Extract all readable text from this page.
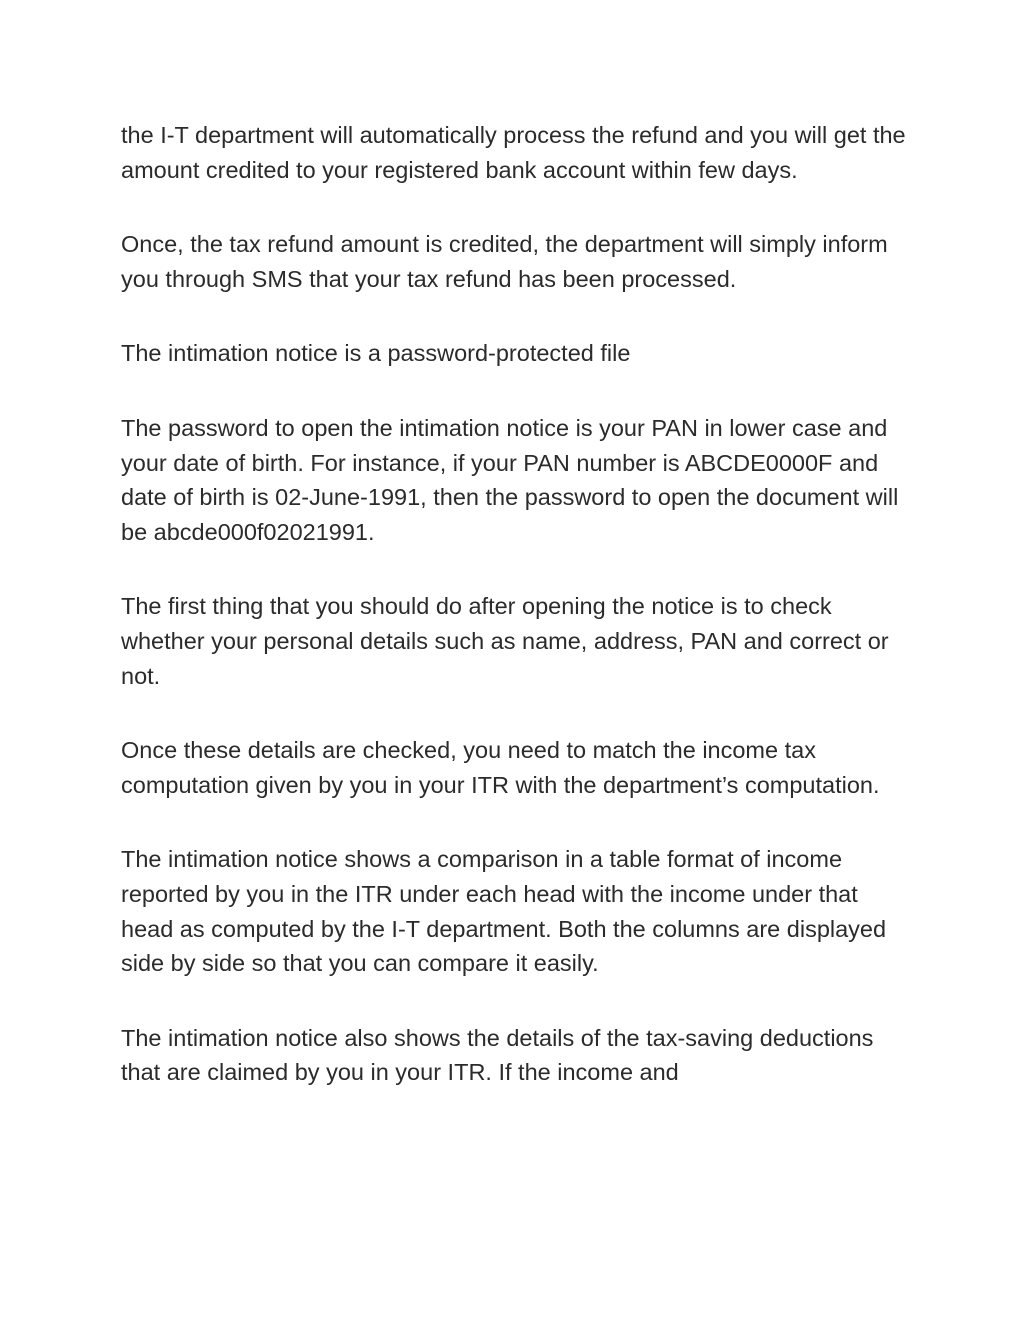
the I-T department will automatically process the refund and you will get the amount credited to your registered bank account within few days.

Once, the tax refund amount is credited, the department will simply inform you through SMS that your tax refund has been processed.

The intimation notice is a password-protected file

The password to open the intimation notice is your PAN in lower case and your date of birth. For instance, if your PAN number is ABCDE0000F and date of birth is 02-June-1991, then the password to open the document will be abcde000f02021991.

The first thing that you should do after opening the notice is to check whether your personal details such as name, address, PAN and correct or not.

Once these details are checked, you need to match the income tax computation given by you in your ITR with the department’s computation.

The intimation notice shows a comparison in a table format of income reported by you in the ITR under each head with the income under that head as computed by the I-T department. Both the columns are displayed side by side so that you can compare it easily.

The intimation notice also shows the details of the tax-saving deductions that are claimed by you in your ITR. If the income and
